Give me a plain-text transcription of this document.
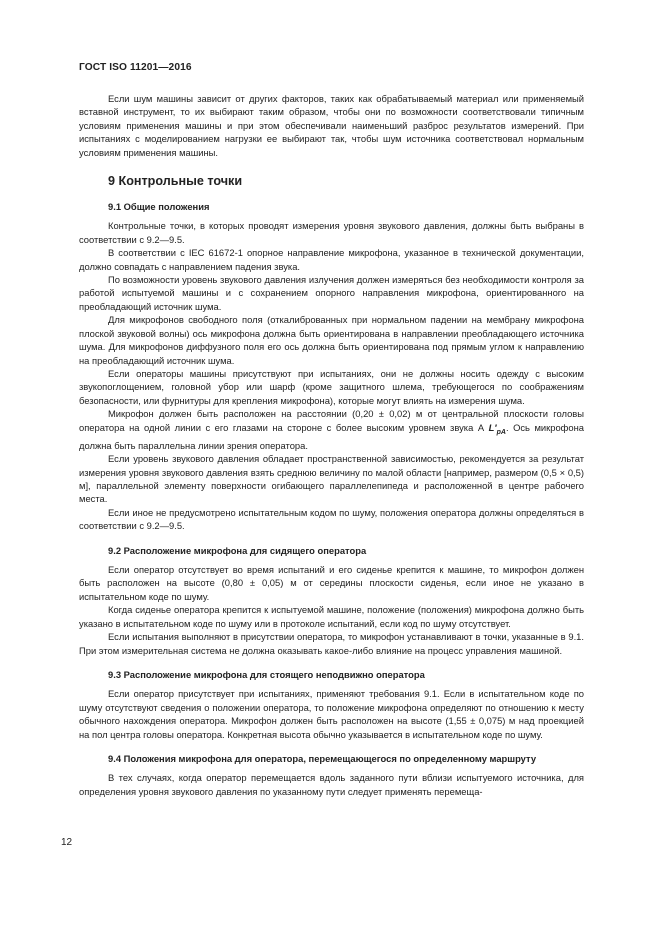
ГОСТ ISO 11201—2016

Если шум машины зависит от других факторов, таких как обрабатываемый материал или применяемый вставной инструмент, то их выбирают таким образом, чтобы они по возможности соответствовали типичным условиям применения машины и при этом обеспечивали наименьший разброс результатов измерений. При испытаниях с моделированием нагрузки ее выбирают так, чтобы шум источника соответствовал нормальным условиям применения машины.

9 Контрольные точки
9.1 Общие положения

Контрольные точки, в которых проводят измерения уровня звукового давления, должны быть выбраны в соответствии с 9.2—9.5.

В соответствии с IEC 61672-1 опорное направление микрофона, указанное в технической документации, должно совпадать с направлением падения звука.

По возможности уровень звукового давления излучения должен измеряться без необходимости контроля за работой испытуемой машины и с сохранением опорного направления микрофона, ориентированного на преобладающий источник шума.

Для микрофонов свободного поля (откалиброванных при нормальном падении на мембрану микрофона плоской звуковой волны) ось микрофона должна быть ориентирована в направлении преобладающего источника шума. Для микрофонов диффузного поля его ось должна быть ориентирована под прямым углом к направлению на преобладающий источник шума.

Если операторы машины присутствуют при испытаниях, они не должны носить одежду с высоким звукопоглощением, головной убор или шарф (кроме защитного шлема, требующегося по соображениям безопасности, или фурнитуры для крепления микрофона), которые могут влиять на измерения шума.

Микрофон должен быть расположен на расстоянии (0,20 ± 0,02) м от центральной плоскости головы оператора на одной линии с его глазами на стороне с более высоким уровнем звука А $L'_{pA}$. Ось микрофона должна быть параллельна линии зрения оператора.

Если уровень звукового давления обладает пространственной зависимостью, рекомендуется за результат измерения уровня звукового давления взять среднюю величину по малой области [например, размером (0,5 × 0,5) м], параллельной элементу поверхности огибающего параллелепипеда и расположенной в центре рабочего места.

Если иное не предусмотрено испытательным кодом по шуму, положения оператора должны определяться в соответствии с 9.2—9.5.

9.2 Расположение микрофона для сидящего оператора

Если оператор отсутствует во время испытаний и его сиденье крепится к машине, то микрофон должен быть расположен на высоте (0,80 ± 0,05) м от середины плоскости сиденья, если иное не указано в испытательном коде по шуму.

Когда сиденье оператора крепится к испытуемой машине, положение (положения) микрофона должно быть указано в испытательном коде по шуму или в протоколе испытаний, если код по шуму отсутствует.

Если испытания выполняют в присутствии оператора, то микрофон устанавливают в точки, указанные в 9.1. При этом измерительная система не должна оказывать какое-либо влияние на процесс управления машиной.

9.3 Расположение микрофона для стоящего неподвижно оператора

Если оператор присутствует при испытаниях, применяют требования 9.1. Если в испытательном коде по шуму отсутствуют сведения о положении оператора, то положение микрофона определяют по отношению к месту обычного нахождения оператора. Микрофон должен быть расположен на высоте (1,55 ± 0,075) м над проекцией на пол центра головы оператора. Конкретная высота обычно указывается в испытательном коде по шуму.

9.4 Положения микрофона для оператора, перемещающегося по определенному маршруту

В тех случаях, когда оператор перемещается вдоль заданного пути вблизи испытуемого источника, для определения уровня звукового давления по указанному пути следует применять перемеща-

12
